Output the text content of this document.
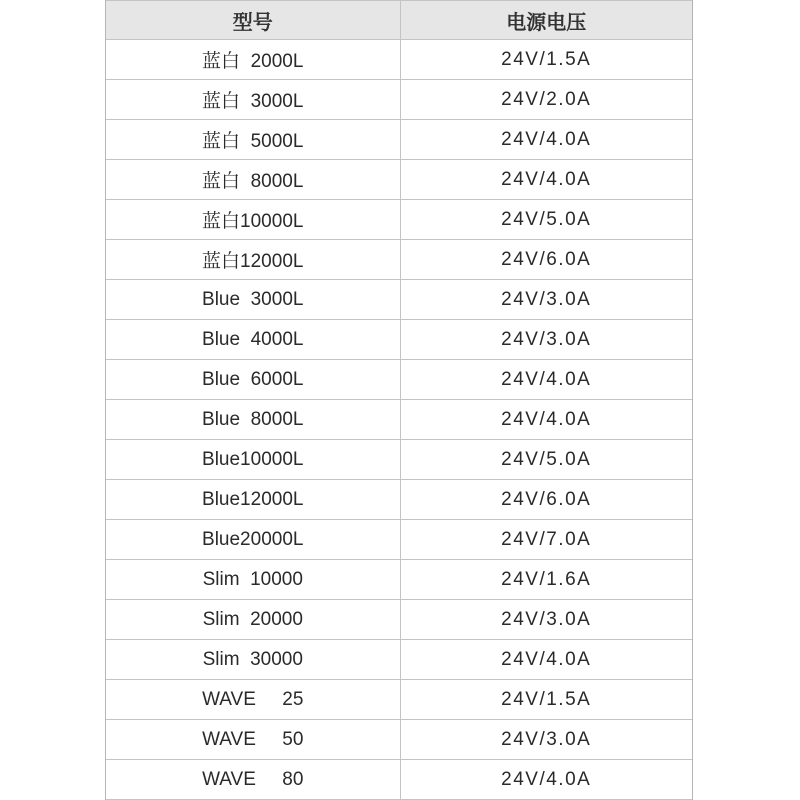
型号	电源电压
蓝白  2000L	24V/1.5A
蓝白  3000L	24V/2.0A
蓝白  5000L	24V/4.0A
蓝白  8000L	24V/4.0A
蓝白10000L	24V/5.0A
蓝白12000L	24V/6.0A
Blue  3000L	24V/3.0A
Blue  4000L	24V/3.0A
Blue  6000L	24V/4.0A
Blue  8000L	24V/4.0A
Blue10000L	24V/5.0A
Blue12000L	24V/6.0A
Blue20000L	24V/7.0A
Slim  10000	24V/1.6A
Slim  20000	24V/3.0A
Slim  30000	24V/4.0A
WAVE     25	24V/1.5A
WAVE     50	24V/3.0A
WAVE     80	24V/4.0A
